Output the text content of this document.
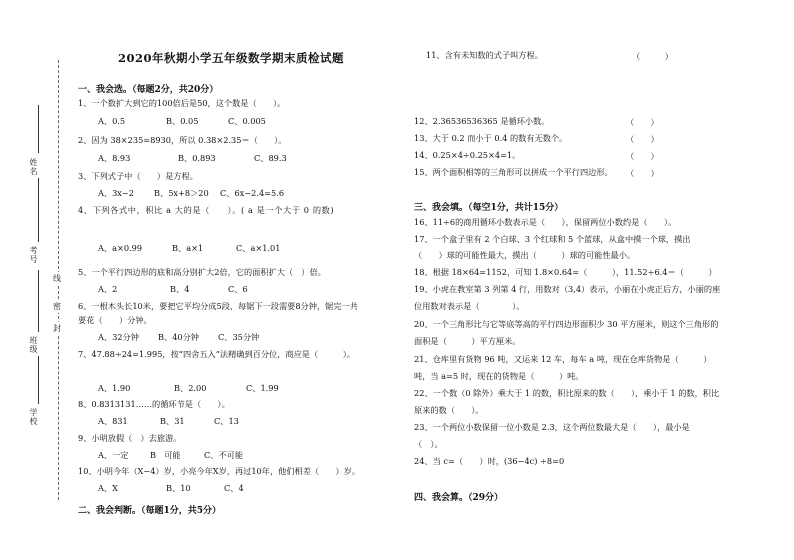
姓名
考号
班级
学校
密
封
线
2020年秋期小学五年级数学期末质检试题
一、我会选。（每题2分，共20分）
1、一个数扩大到它的100倍后是50，这个数是（　　）。
A、0.5	B、0.05	C、0.005
2、因为 38×235=8930，所以 0.38×2.35＝（　　）。
A、8.93	B、0.893	C、89.3
3、下列式子中（　　）是方程。
A、3x−2 B、5x+8＞20 C、6x−2.4=5.6
4、下列各式中，积比 a 大的是（　　）。( a 是一个大于 0 的数)
A、a×0.99	B、a×1	C、a×1.01
5、一个平行四边形的底和高分别扩大2倍，它的面积扩大（　）倍。
A、2	B、4	C、6
6、一根木头长10米，要把它平均分成5段，每锯下一段需要8分钟，锯完一共
要花（　　）分钟。
A、32分钟 B、40分钟 C、35分钟
7、47.88÷24=1.995，按“四舍五入”法精确到百分位，商应是（　　　）。
A、1.90	B、2.00	C、1.99
8、0.8313131……的循环节是（　　）。
A、831	B、31	C、13
9、小明放假（　）去旅游。
A、一定	B　可能	C、不可能
10、小明今年（X−4）岁，小亮今年X岁，再过10年，他们相差（　　）岁。
A、X	B、10	C、4
二、我会判断。（每题1分，共5分）
11、含有未知数的式子叫方程。	（　　　）
12、2.36536536365 是循环小数。	（　　）
13、大于 0.2 而小于 0.4 的数有无数个。	（　　）
14、0.25×4÷0.25×4=1。	（　　）
15、两个面积相等的三角形可以拼成一个平行四边形。 （　　）
三、我会填。（每空1分，共计15分）
16、11÷6的商用循环小数表示是（　　），保留两位小数约是（　　）。
17、一个盒子里有 2 个白球、3 个红球和 5 个蓝球，从盒中摸一个球，摸出
（　　）球的可能性最大，摸出（　　　）球的可能性最小。
18、根据 18×64=1152，可知 1.8×0.64=（　　　），11.52÷6.4＝（　　　）
19、小虎在教室第 3 列第 4 行，用数对（3,4）表示，小丽在小虎正后方，小丽的座
位用数对表示是（　　　　）。
20、一个三角形比与它等底等高的平行四边形面积少 30 平方厘米，则这个三角形的
面积是（　　　）平方厘米。
21、仓库里有货物 96 吨，又运来 12 车，每车 a 吨，现在仓库货物是（　　　）
吨，当 a=5 时，现在的货物是（　　　）吨。
22、一个数（0 除外）乘大于 1 的数，积比原来的数（　　），乘小于 1 的数，积比
原来的数（　　）。
23、一个两位小数保留一位小数是 2.3，这个两位数最大是（　　），最小是
（　）。
24、当 c=（　　）时，(36−4c) ÷8=0
四、我会算。（29分）
